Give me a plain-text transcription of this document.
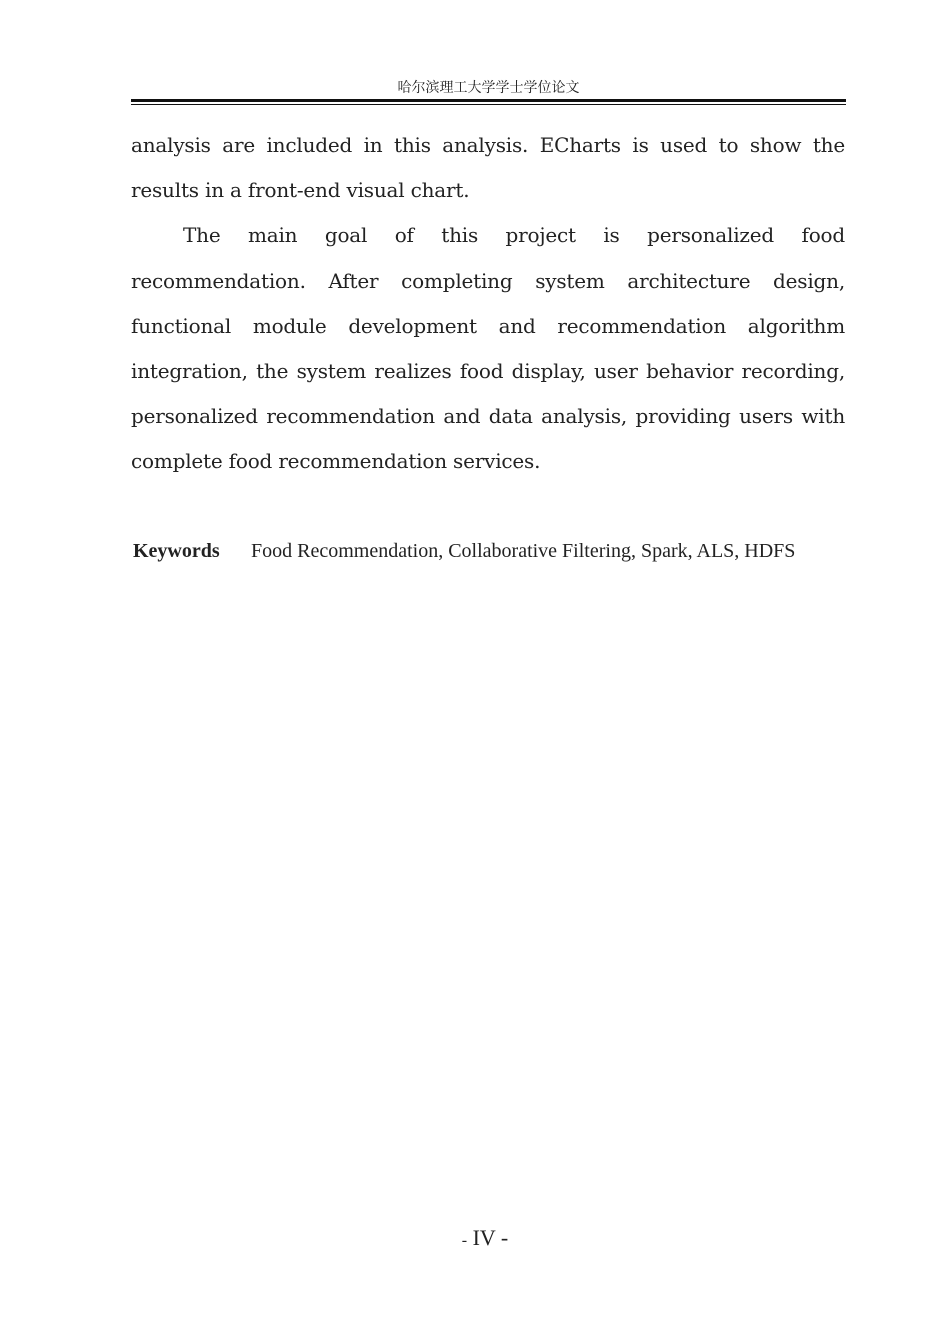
哈尔滨理工大学学士学位论文

analysis are included in this analysis. ECharts is used to show the results in a front-end visual chart.

The main goal of this project is personalized food recommendation. After completing system architecture design, functional module development and recommendation algorithm integration, the system realizes food display, user behavior recording, personalized recommendation and data analysis, providing users with complete food recommendation services.

Keywords Food Recommendation, Collaborative Filtering, Spark, ALS, HDFS
- IV -
